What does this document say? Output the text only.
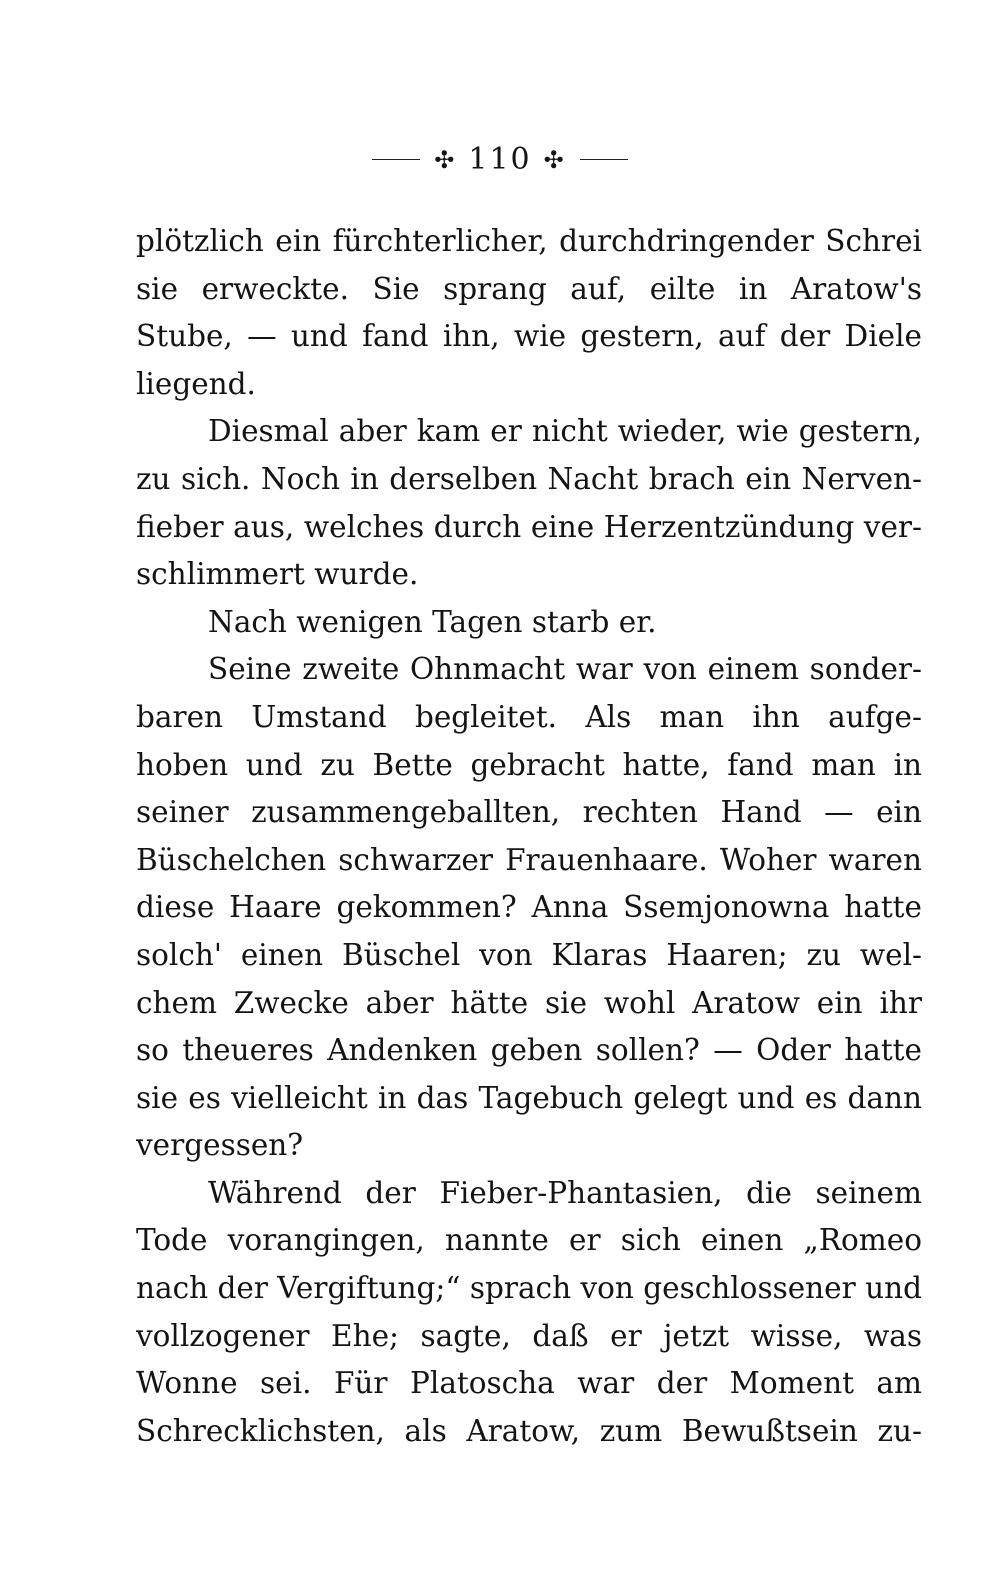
✣ 110 ✣
plötzlich ein fürchterlicher, durchdringender Schrei
sie erweckte. Sie sprang auf, eilte in Aratow's
Stube, — und fand ihn, wie gestern, auf der Diele
liegend.
Diesmal aber kam er nicht wieder, wie gestern,
zu sich. Noch in derselben Nacht brach ein Nerven-
fieber aus, welches durch eine Herzentzündung ver-
schlimmert wurde.
Nach wenigen Tagen starb er.
Seine zweite Ohnmacht war von einem sonder-
baren Umstand begleitet. Als man ihn aufge-
hoben und zu Bette gebracht hatte, fand man in
seiner zusammengeballten, rechten Hand — ein
Büschelchen schwarzer Frauenhaare. Woher waren
diese Haare gekommen? Anna Ssemjonowna hatte
solch' einen Büschel von Klaras Haaren; zu wel-
chem Zwecke aber hätte sie wohl Aratow ein ihr
so theueres Andenken geben sollen? — Oder hatte
sie es vielleicht in das Tagebuch gelegt und es dann
vergessen?
Während der Fieber-Phantasien, die seinem
Tode vorangingen, nannte er sich einen „Romeo
nach der Vergiftung;“ sprach von geschlossener und
vollzogener Ehe; sagte, daß er jetzt wisse, was
Wonne sei. Für Platoscha war der Moment am
Schrecklichsten, als Aratow, zum Bewußtsein zu-
